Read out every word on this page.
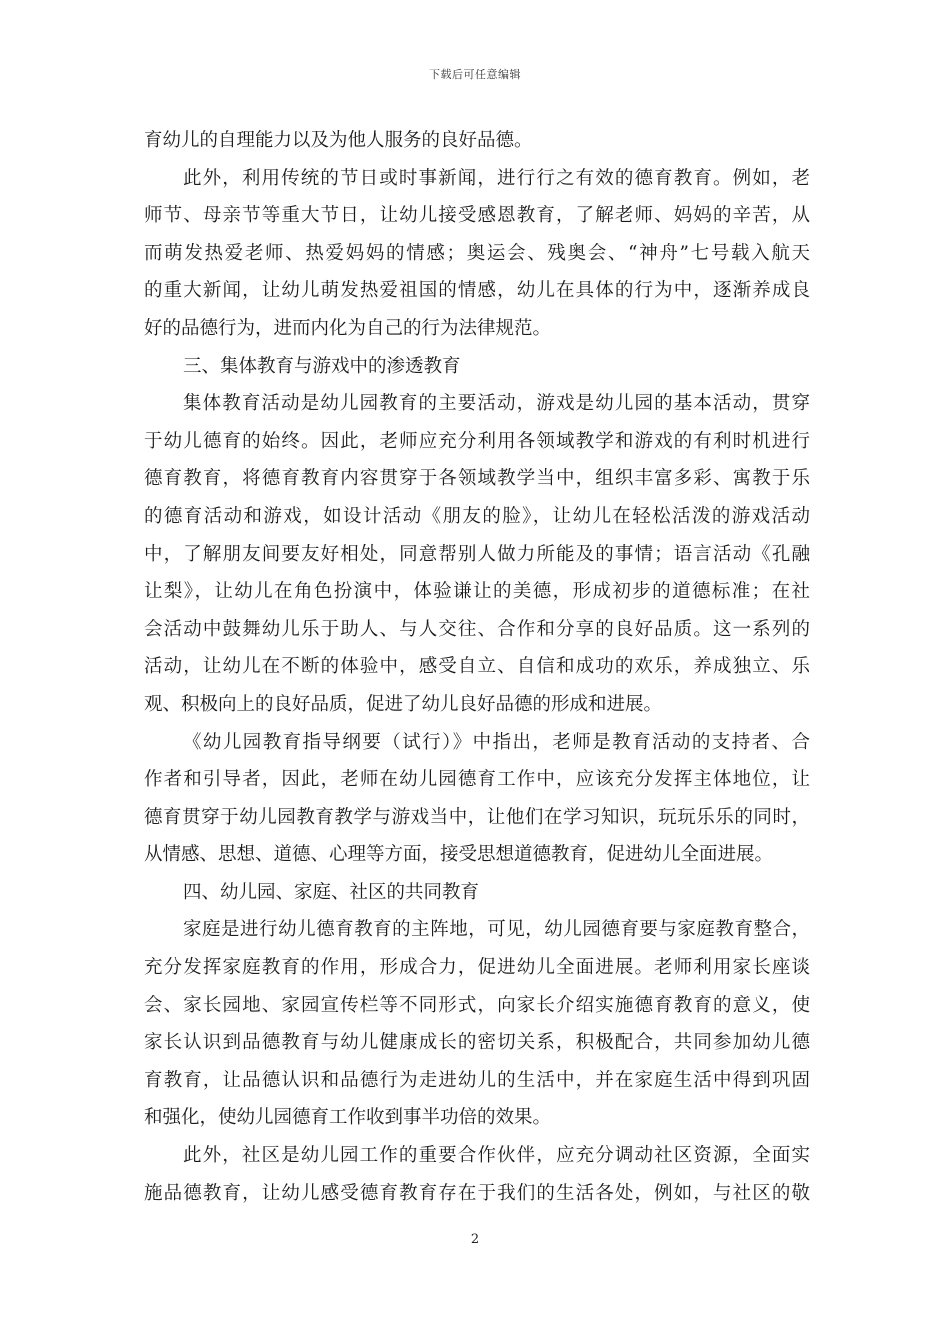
下载后可任意编辑
育幼儿的自理能力以及为他人服务的良好品德。
此外，利用传统的节日或时事新闻，进行行之有效的德育教育。例如，老
师节、母亲节等重大节日，让幼儿接受感恩教育，了解老师、妈妈的辛苦，从
而萌发热爱老师、热爱妈妈的情感；奥运会、残奥会、“神舟”七号载入航天
的重大新闻，让幼儿萌发热爱祖国的情感，幼儿在具体的行为中，逐渐养成良
好的品德行为，进而内化为自己的行为法律规范。
三、集体教育与游戏中的渗透教育
集体教育活动是幼儿园教育的主要活动，游戏是幼儿园的基本活动，贯穿
于幼儿德育的始终。因此，老师应充分利用各领域教学和游戏的有利时机进行
德育教育，将德育教育内容贯穿于各领域教学当中，组织丰富多彩、寓教于乐
的德育活动和游戏，如设计活动《朋友的脸》，让幼儿在轻松活泼的游戏活动
中，了解朋友间要友好相处，同意帮别人做力所能及的事情；语言活动《孔融
让梨》，让幼儿在角色扮演中，体验谦让的美德，形成初步的道德标准；在社
会活动中鼓舞幼儿乐于助人、与人交往、合作和分享的良好品质。这一系列的
活动，让幼儿在不断的体验中，感受自立、自信和成功的欢乐，养成独立、乐
观、积极向上的良好品质，促进了幼儿良好品德的形成和进展。
《幼儿园教育指导纲要（试行）》中指出，老师是教育活动的支持者、合
作者和引导者，因此，老师在幼儿园德育工作中，应该充分发挥主体地位，让
德育贯穿于幼儿园教育教学与游戏当中，让他们在学习知识，玩玩乐乐的同时，
从情感、思想、道德、心理等方面，接受思想道德教育，促进幼儿全面进展。
四、幼儿园、家庭、社区的共同教育
家庭是进行幼儿德育教育的主阵地，可见，幼儿园德育要与家庭教育整合，
充分发挥家庭教育的作用，形成合力，促进幼儿全面进展。老师利用家长座谈
会、家长园地、家园宣传栏等不同形式，向家长介绍实施德育教育的意义，使
家长认识到品德教育与幼儿健康成长的密切关系，积极配合，共同参加幼儿德
育教育，让品德认识和品德行为走进幼儿的生活中，并在家庭生活中得到巩固
和强化，使幼儿园德育工作收到事半功倍的效果。
此外，社区是幼儿园工作的重要合作伙伴，应充分调动社区资源，全面实
施品德教育，让幼儿感受德育教育存在于我们的生活各处，例如，与社区的敬
2
